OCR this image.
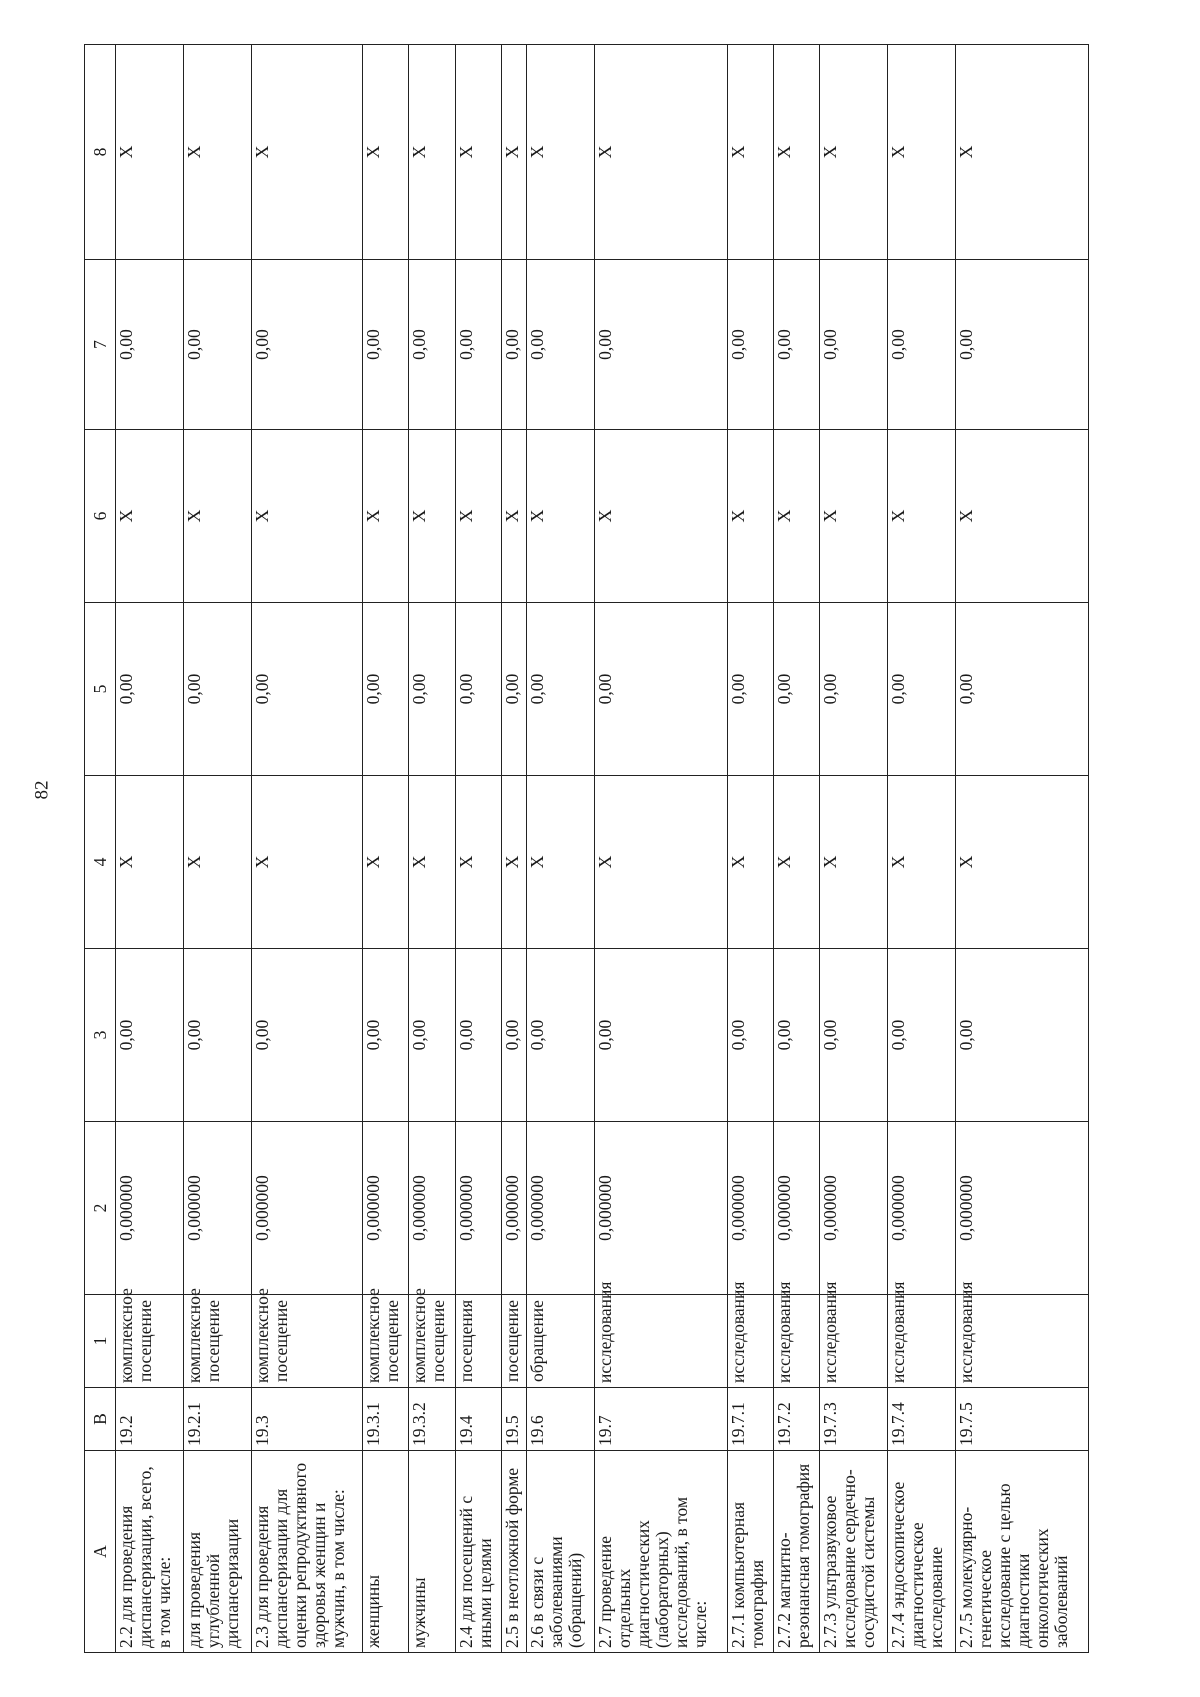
82
А	В	1	2	3	4	5	6	7	8
2.2 для проведения диспансеризации, всего, в том числе:	19.2	комплексное посещение	0,000000	0,00	Х	0,00	Х	0,00	Х
для проведения углубленной диспансеризации	19.2.1	комплексное посещение	0,000000	0,00	Х	0,00	Х	0,00	Х
2.3 для проведения диспансеризации для оценки репродуктивного здоровья женщин и мужчин, в том числе:	19.3	комплексное посещение	0,000000	0,00	Х	0,00	Х	0,00	Х
женщины	19.3.1	комплексное посещение	0,000000	0,00	Х	0,00	Х	0,00	Х
мужчины	19.3.2	комплексное посещение	0,000000	0,00	Х	0,00	Х	0,00	Х
2.4 для посещений с иными целями	19.4	посещения	0,000000	0,00	Х	0,00	Х	0,00	Х
2.5 в неотложной форме	19.5	посещение	0,000000	0,00	Х	0,00	Х	0,00	Х
2.6 в связи с заболеваниями (обращений)	19.6	обращение	0,000000	0,00	Х	0,00	Х	0,00	Х
2.7 проведение отдельных диагностических (лабораторных) исследований, в том числе:	19.7	исследования	0,000000	0,00	Х	0,00	Х	0,00	Х
2.7.1 компьютерная томография	19.7.1	исследования	0,000000	0,00	Х	0,00	Х	0,00	Х
2.7.2 магнитно-резонансная томография	19.7.2	исследования	0,000000	0,00	Х	0,00	Х	0,00	Х
2.7.3 ультразвуковое исследование сердечно-сосудистой системы	19.7.3	исследования	0,000000	0,00	Х	0,00	Х	0,00	Х
2.7.4 эндоскопическое диагностическое исследование	19.7.4	исследования	0,000000	0,00	Х	0,00	Х	0,00	Х
2.7.5 молекулярно-генетическое исследование с целью диагностики онкологических заболеваний	19.7.5	исследования	0,000000	0,00	Х	0,00	Х	0,00	Х
